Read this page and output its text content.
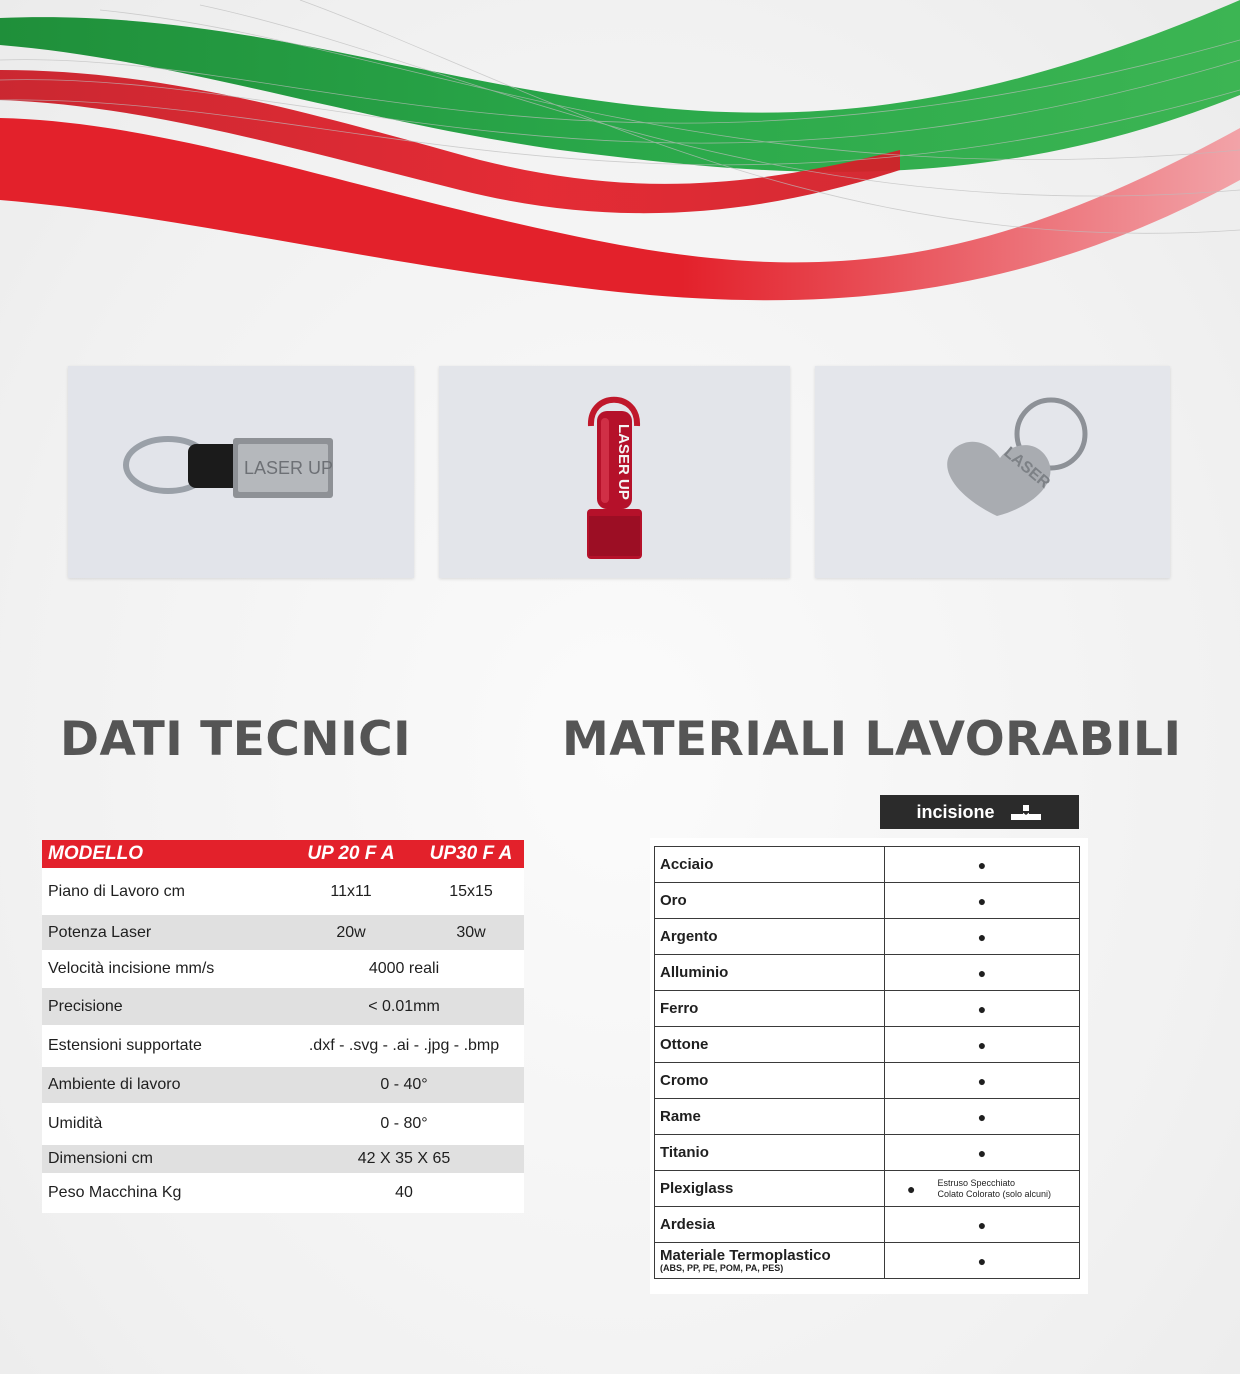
LASER UP	LASER UP	LASER
DATI TECNICI	MATERIALI LAVORABILI
MODELLO	UP 20 F A	UP30 F A
Piano di Lavoro cm	11x11	15x15
Potenza Laser	20w	30w
Velocità incisione mm/s	4000 reali	
Precisione	< 0.01mm	
Estensioni supportate	.dxf - .svg - .ai - .jpg - .bmp	
Ambiente di lavoro	0 - 40°	
Umidità	0 - 80°	
Dimensioni cm	42 X 35 X 65	
Peso Macchina Kg	40	
incisione
Acciaio	●
Oro	●
Argento	●
Alluminio	●
Ferro	●
Ottone	●
Cromo	●
Rame	●
Titanio	●
Plexiglass	● Estruso Specchiato
Colato Colorato (solo alcuni)

Ardesia	●

Materiale Termoplastico
(ABS, PP, PE, POM, PA, PES)	●
